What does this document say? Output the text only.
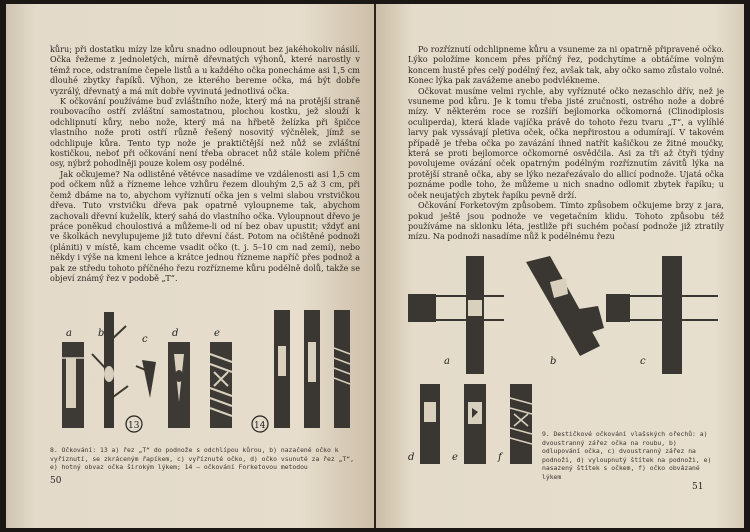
kůru; při dostatku mízy lze kůru snadno odloupnout bez jakéhokoliv násilí. Očka řežeme z jednoletých, mírně dřevnatých výhonů, které narostly v témž roce, odstraníme čepele listů a u každého očka ponecháme asi 1,5 cm dlouhé zbytky řapíků. Výhon, ze kterého bereme očka, má být dobře vyzrálý, dřevnatý a má mít dobře vyvinutá jednotlivá očka.

K očkování používáme buď zvláštního nože, který má na protější straně roubovacího ostří zvláštní samostatnou, plochou kostku, jež slouží k odchlipnutí kůry, nebo nože, který má na hřbetě želízka při špičce vlastního nože proti ostří různě řešený nosovitý výčnělek, jímž se odchlipuje kůra. Tento typ nože je praktičtější než nůž se zvláštní kostičkou, neboť při očkování není třeba obracet nůž stále kolem příčné osy, nýbrž pohodlněji pouze kolem osy podélné.

Jak očkujeme? Na odlistěné větévce nasadíme ve vzdálenosti asi 1,5 cm pod očkem nůž a řízneme lehce vzhůru řezem dlouhým 2,5 až 3 cm, při čemž dbáme na to, abychom vyříznutí očka jen s velmi slabou vrstvičkou dřeva. Tuto vrstvičku dřeva pak opatrně vyloupneme tak, abychom zachovali dřevní kuželík, který sahá do vlastního očka. Vyloupnout dřevo je práce poněkud choulostivá a můžeme-li od ní bez obav upustit; vždyť ani ve školkách nevylupujeme již tuto dřevní část. Potom na očištěné podnoži (plániti) v místě, kam chceme vsadit očko (t. j. 5–10 cm nad zemí), nebo někdy i výše na kmeni lehce a krátce jednou řízneme napříč přes podnož a pak ze středu tohoto příčného řezu rozřízneme kůru podélně dolů, takže se objeví známý řez v podobě „T“.

a	b
c
d	e
13	14
8. Očkování: 13 a) řez „T“ do podnože s odchlípou kůrou, b) nazačené očko k vyříznutí, se zkráceným řapíkem, c) vyříznuté očko, d) očko vsunuté za řez „T“, e) hotný obvaz očka širokým lýkem; 14 — očkování Forketovou metodou
50

Po rozříznutí odchlipneme kůru a vsuneme za ni opatrně připravené očko. Lýko položíme koncem přes příčný řez, podchytíme a obtáčíme volným koncem hustě přes celý podélný řez, avšak tak, aby očko samo zůstalo volné. Konec lýka pak zavážeme anebo podvlékneme.

Očkovat musíme velmi rychle, aby vyříznuté očko nezaschlo dřív, než je vsuneme pod kůru. Je k tomu třeba jisté zručnosti, ostrého nože a dobré mízy. V některém roce se rozšíří bejlomorka očkomorná (Clinodiplosis oculiperda), která klade vajíčka právě do tohoto řezu tvaru „T“, a vylíhlé larvy pak vyssávají pletiva oček, očka nepřirostou a odumírají. V takovém případě je třeba očka po zavázání ihned natřít kašičkou ze žitné moučky, která se proti bejlomorce očkomorné osvědčila. Asi za tři až čtyři týdny povolujeme ovázání oček opatrným podélným rozříznutím závitů lýka na protější straně očka, aby se lýko nezařezávalo do allicí podnože. Ujatá očka poznáme podle toho, že můžeme u nich snadno odlomit zbytek řapíku; u oček neujatých zbytek řapíku pevně drží.

Očkování Forketovým způsobem. Tímto způsobem očkujeme brzy z jara, pokud ještě jsou podnože ve vegetačním klidu. Tohoto způsobu též používáme na sklonku léta, jestliže při suchém počasí podnože již ztratily mízu. Na podnoži nasadíme nůž k podélnému řezu

a	b	c
d	e	f
9. Destičkové očkování vlašských ořechů: a) dvoustranný zářez očka na roubu, b) odlupování očka, c) dvoustranný zářez na podnoži, d) vyloupnutý štítek na podnoži, e) nasazený štítek s očkem, f) očko obvázané lýkem
51
